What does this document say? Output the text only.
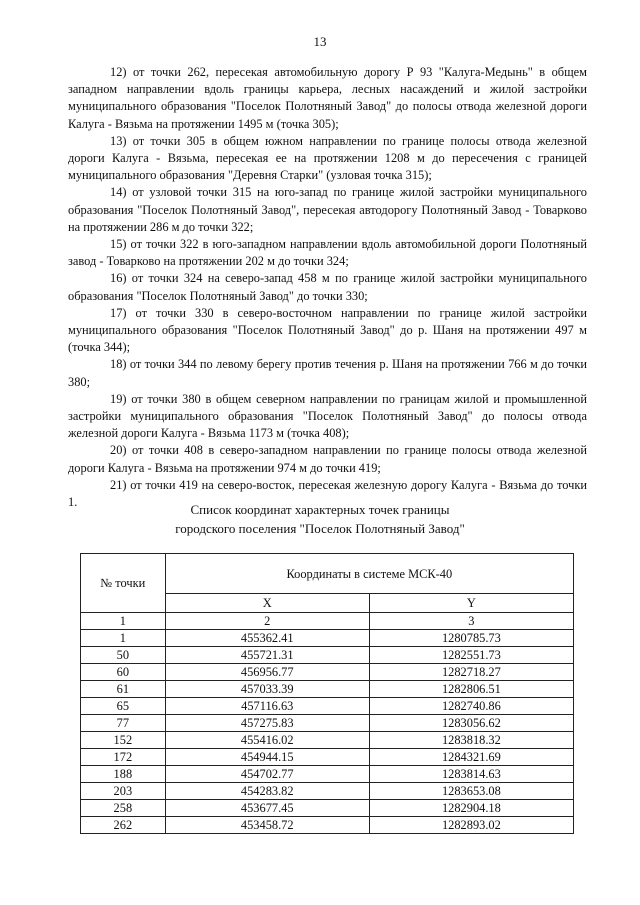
13

12) от точки 262, пересекая автомобильную дорогу Р 93 "Калуга-Медынь" в общем западном направлении вдоль границы карьера, лесных насаждений и жилой застройки муниципального образования "Поселок Полотняный Завод" до полосы отвода железной дороги Калуга - Вязьма на протяжении 1495 м (точка 305);

13) от точки 305 в общем южном направлении по границе полосы отвода железной дороги Калуга - Вязьма, пересекая ее на протяжении 1208 м до пересечения с границей муниципального образования "Деревня Старки" (узловая точка 315);

14) от узловой точки 315 на юго-запад по границе жилой застройки муниципального образования "Поселок Полотняный Завод", пересекая автодорогу Полотняный Завод - Товарково на протяжении 286 м до точки 322;

15) от точки 322 в юго-западном направлении вдоль автомобильной дороги Полотняный завод - Товарково на протяжении 202 м до точки 324;

16) от точки 324 на северо-запад 458 м по границе жилой застройки муниципального образования "Поселок Полотняный Завод" до точки 330;

17) от точки 330 в северо-восточном направлении по границе жилой застройки муниципального образования "Поселок Полотняный Завод" до р. Шаня на протяжении 497 м (точка 344);

18) от точки 344 по левому берегу против течения р. Шаня на протяжении 766 м до точки 380;

19) от точки 380 в общем северном направлении по границам жилой и промышленной застройки муниципального образования "Поселок Полотняный Завод" до полосы отвода железной дороги Калуга - Вязьма 1173 м (точка 408);

20) от точки 408 в северо-западном направлении по границе полосы отвода железной дороги Калуга - Вязьма на протяжении 974 м до точки 419;

21) от точки 419 на северо-восток, пересекая железную дорогу Калуга - Вязьма до точки 1.	Список координат характерных точек границы
городского поселения "Поселок Полотняный Завод"
№ точки	Координаты в системе МСК-40	
	X	Y
1	2	3
1	455362.41	1280785.73
50	455721.31	1282551.73
60	456956.77	1282718.27
61	457033.39	1282806.51
65	457116.63	1282740.86
77	457275.83	1283056.62
152	455416.02	1283818.32
172	454944.15	1284321.69
188	454702.77	1283814.63
203	454283.82	1283653.08
258	453677.45	1282904.18
262	453458.72	1282893.02
